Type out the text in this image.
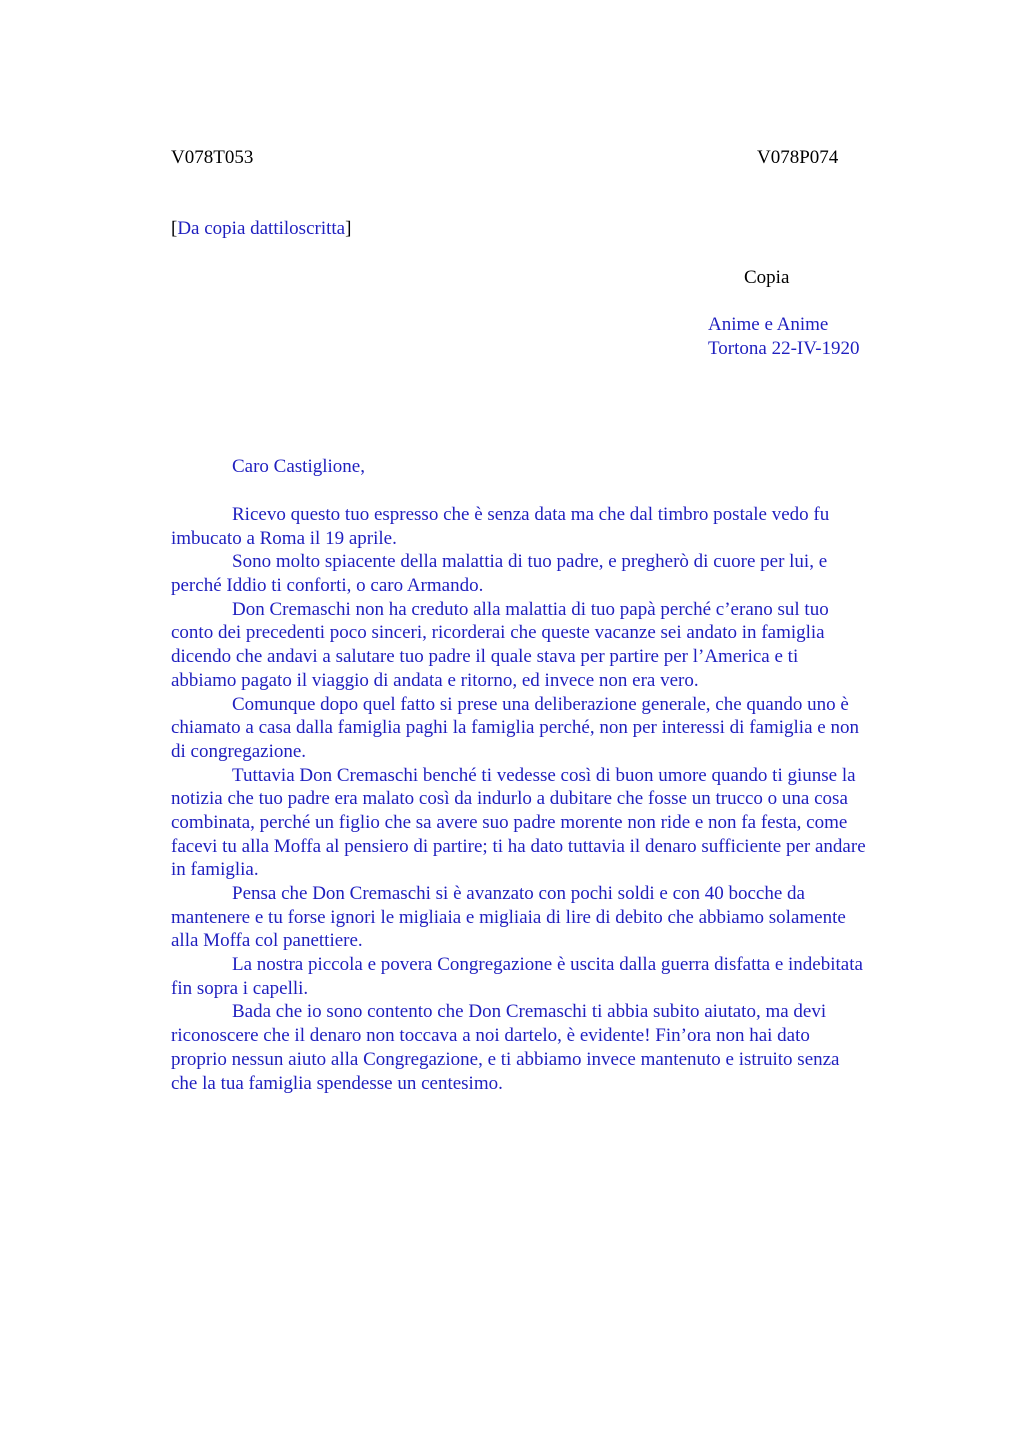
V078T053	V078P074
[Da copia dattiloscritta]
Copia
Anime e Anime
Tortona 22-IV-1920
Caro Castiglione,
Ricevo questo tuo espresso che è senza data ma che dal timbro postale vedo fu
imbucato a Roma il 19 aprile.
Sono molto spiacente della malattia di tuo padre, e pregherò di cuore per lui, e
perché Iddio ti conforti, o caro Armando.
Don Cremaschi non ha creduto alla malattia di tuo papà perché c’erano sul tuo
conto dei precedenti poco sinceri, ricorderai che queste vacanze sei andato in famiglia
dicendo che andavi a salutare tuo padre il quale stava per partire per l’America e ti
abbiamo pagato il viaggio di andata e ritorno, ed invece non era vero.
Comunque dopo quel fatto si prese una deliberazione generale, che quando uno è
chiamato a casa dalla famiglia paghi la famiglia perché, non per interessi di famiglia e non
di congregazione.
Tuttavia Don Cremaschi benché ti vedesse così di buon umore quando ti giunse la
notizia che tuo padre era malato così da indurlo a dubitare che fosse un trucco o una cosa
combinata, perché un figlio che sa avere suo padre morente non ride e non fa festa, come
facevi tu alla Moffa al pensiero di partire; ti ha dato tuttavia il denaro sufficiente per andare
in famiglia.
Pensa che Don Cremaschi si è avanzato con pochi soldi e con 40 bocche da
mantenere e tu forse ignori le migliaia e migliaia di lire di debito che abbiamo solamente
alla Moffa col panettiere.
La nostra piccola e povera Congregazione è uscita dalla guerra disfatta e indebitata
fin sopra i capelli.
Bada che io sono contento che Don Cremaschi ti abbia subito aiutato, ma devi
riconoscere che il denaro non toccava a noi dartelo, è evidente! Fin’ora non hai dato
proprio nessun aiuto alla Congregazione, e ti abbiamo invece mantenuto e istruito senza
che la tua famiglia spendesse un centesimo.
